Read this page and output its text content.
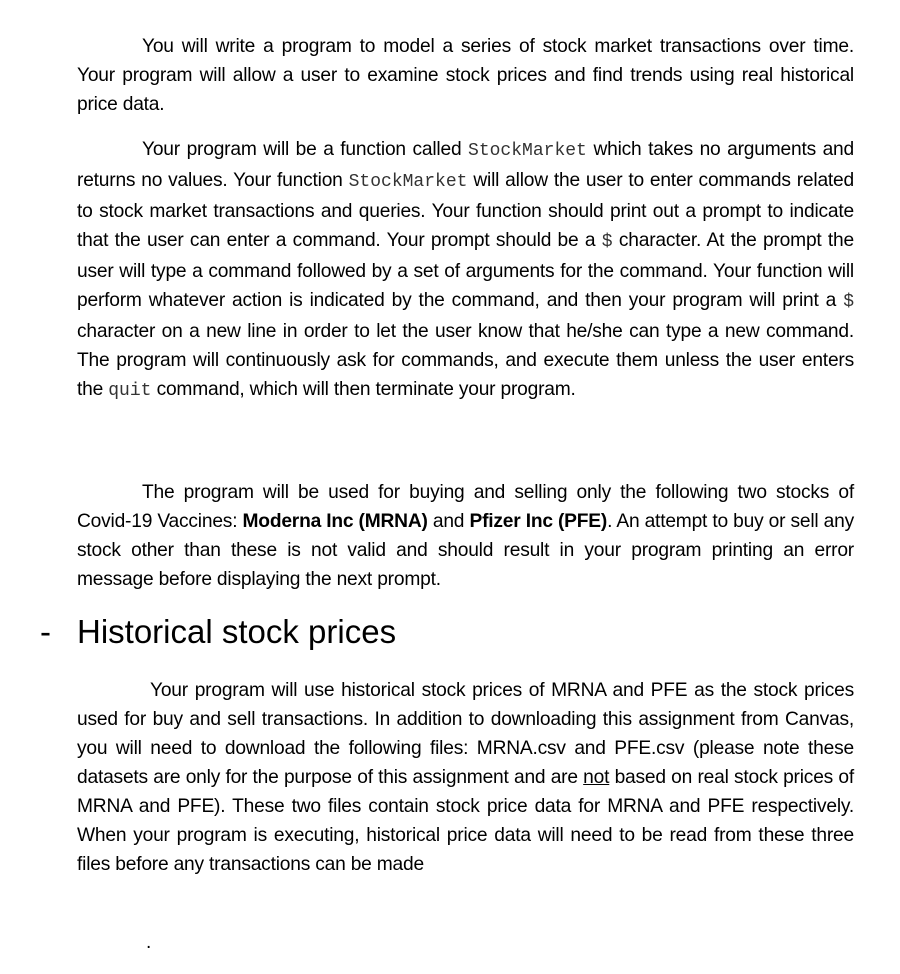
You will write a program to model a series of stock market transactions over time. Your program will allow a user to examine stock prices and find trends using real historical price data.

Your program will be a function called StockMarket which takes no arguments and returns no values. Your function StockMarket will allow the user to enter commands related to stock market transactions and queries. Your function should print out a prompt to indicate that the user can enter a command. Your prompt should be a $ character. At the prompt the user will type a command followed by a set of arguments for the command. Your function will perform whatever action is indicated by the command, and then your program will print a $ character on a new line in order to let the user know that he/she can type a new command. The program will continuously ask for commands, and execute them unless the user enters the quit command, which will then terminate your program.

The program will be used for buying and selling only the following two stocks of Covid-19 Vaccines: Moderna Inc (MRNA) and Pfizer Inc (PFE). An attempt to buy or sell any stock other than these is not valid and should result in your program printing an error message before displaying the next prompt.

- Historical stock prices

Your program will use historical stock prices of MRNA and PFE as the stock prices used for buy and sell transactions. In addition to downloading this assignment from Canvas, you will need to download the following files: MRNA.csv and PFE.csv (please note these datasets are only for the purpose of this assignment and are not based on real stock prices of MRNA and PFE). These two files contain stock price data for MRNA and PFE respectively. When your program is executing, historical price data will need to be read from these three files before any transactions can be made

.
